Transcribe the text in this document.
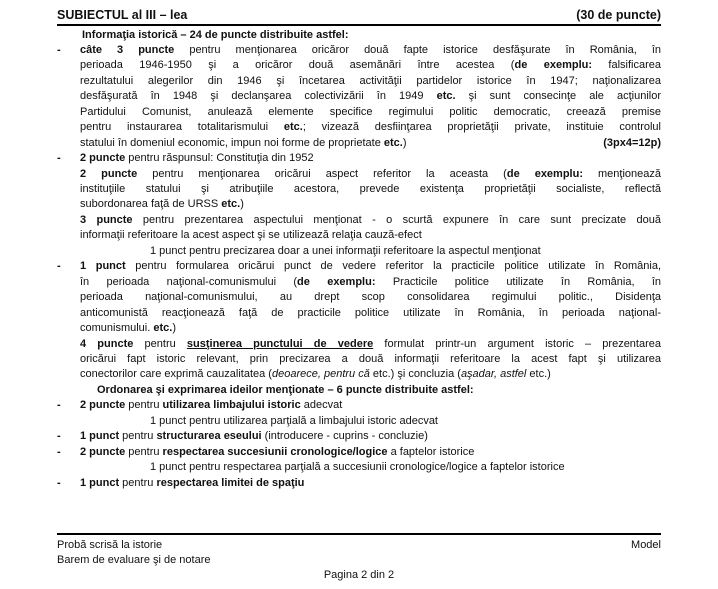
SUBIECTUL al III – lea	(30 de puncte)
Informaţia istorică – 24 de puncte distribuite astfel:
- câte 3 puncte pentru menţionarea oricăror două fapte istorice desfăşurate în România, în
perioada 1946-1950 şi a oricăror două asemănări între acestea (de exemplu: falsificarea
rezultatului alegerilor din 1946 şi încetarea activităţii partidelor istorice în 1947; naţionalizarea
desfăşurată în 1948 şi declanşarea colectivizării în 1949 etc. şi sunt consecinţe ale acţiunilor
Partidului Comunist, anulează elemente specifice regimului politic democratic, creează premise
pentru instaurarea totalitarismului etc.; vizează desfiinţarea proprietăţii private, instituie controlul
statului în domeniul economic, impun noi forme de proprietate etc.)	(3px4=12p)
- 2 puncte pentru răspunsul: Constituţia din 1952
2 puncte pentru menţionarea oricărui aspect referitor la aceasta (de exemplu: menţionează
instituţiile statului şi atribuţiile acestora, prevede existenţa proprietăţii socialiste, reflectă
subordonarea faţă de URSS etc.)
3 puncte pentru prezentarea aspectului menţionat - o scurtă expunere în care sunt precizate două
informaţii referitoare la acest aspect şi se utilizează relaţia cauză-efect
1 punct pentru precizarea doar a unei informaţii referitoare la aspectul menţionat
- 1 punct pentru formularea oricărui punct de vedere referitor la practicile politice utilizate în România,
în perioada naţional-comunismului (de exemplu: Practicile politice utilizate în România, în
perioada naţional-comunismului, au drept scop consolidarea regimului politic., Disidenţa
anticomunistă reacţionează faţă de practicile politice utilizate în România, în perioada naţional-
comunismului. etc.)
4 puncte pentru susţinerea punctului de vedere formulat printr-un argument istoric – prezentarea
oricărui fapt istoric relevant, prin precizarea a două informaţii referitoare la acest fapt şi utilizarea
conectorilor care exprimă cauzalitatea (deoarece, pentru că etc.) şi concluzia (aşadar, astfel etc.)
Ordonarea şi exprimarea ideilor menţionate – 6 puncte distribuite astfel:
- 2 puncte pentru utilizarea limbajului istoric adecvat
1 punct pentru utilizarea parţială a limbajului istoric adecvat
- 1 punct pentru structurarea eseului (introducere - cuprins - concluzie)
- 2 puncte pentru respectarea succesiunii cronologice/logice a faptelor istorice
1 punct pentru respectarea parţială a succesiunii cronologice/logice a faptelor istorice
- 1 punct pentru respectarea limitei de spaţiu
Probă scrisă la istorie
Barem de evaluare şi de notare
Model
Pagina 2 din 2
